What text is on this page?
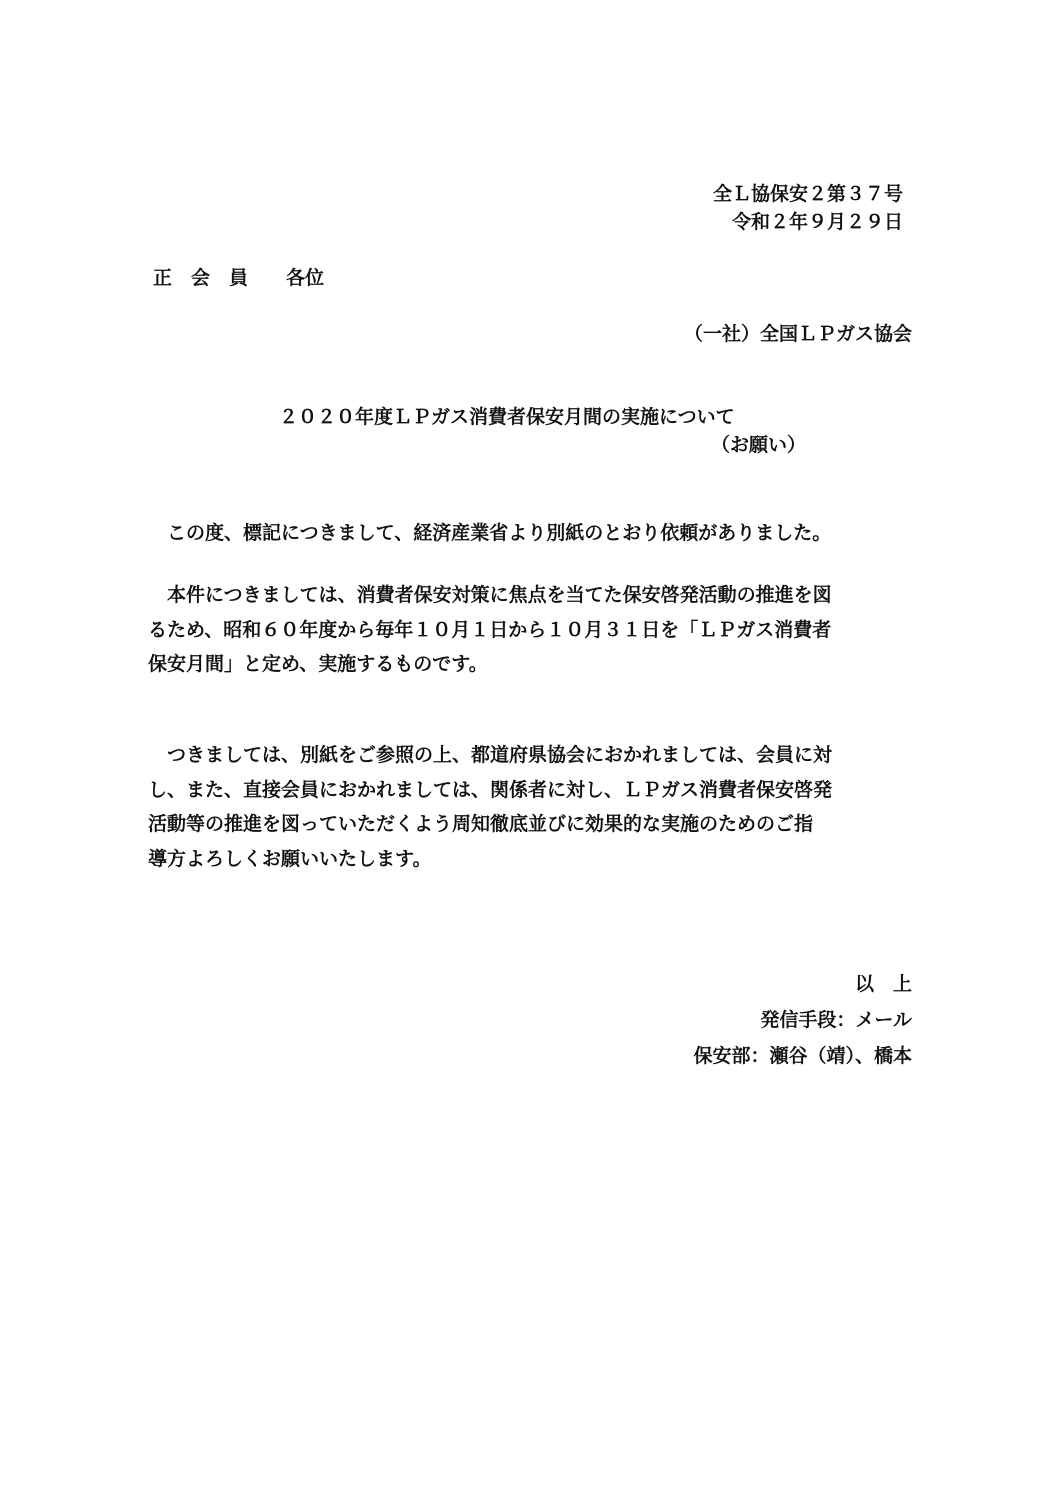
全Ｌ協保安２第３７号
令和２年９月２９日
正　会　員　　各位
（一社）全国ＬＰガス協会
２０２０年度ＬＰガス消費者保安月間の実施について
（お願い）
　この度、標記につきまして、経済産業省より別紙のとおり依頼がありました。
　本件につきましては、消費者保安対策に焦点を当てた保安啓発活動の推進を図
るため、昭和６０年度から毎年１０月１日から１０月３１日を「ＬＰガス消費者
保安月間」と定め、実施するものです。
　つきましては、別紙をご参照の上、都道府県協会におかれましては、会員に対
し、また、直接会員におかれましては、関係者に対し、ＬＰガス消費者保安啓発
活動等の推進を図っていただくよう周知徹底並びに効果的な実施のためのご指
導方よろしくお願いいたします。
以　上
発信手段：メール
保安部：瀬谷（靖）、橋本
